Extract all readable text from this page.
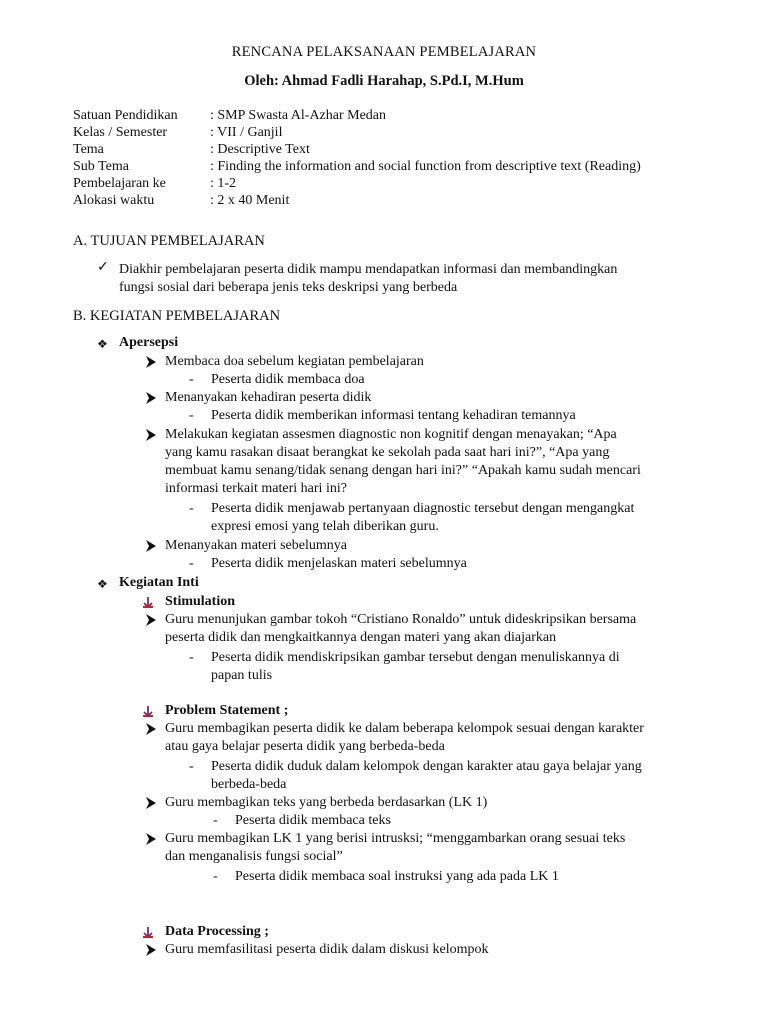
RENCANA PELAKSANAAN PEMBELAJARAN
Oleh: Ahmad Fadli Harahap, S.Pd.I, M.Hum
Satuan Pendidikan	: SMP Swasta Al-Azhar Medan
Kelas / Semester	: VII / Ganjil
Tema	: Descriptive Text
Sub Tema	: Finding the information and social function from descriptive text (Reading)
Pembelajaran ke	: 1-2
Alokasi waktu	: 2 x 40 Menit
A. TUJUAN PEMBELAJARAN
✓ Diakhir pembelajaran peserta didik mampu mendapatkan informasi dan membandingkan
fungsi sosial dari beberapa jenis teks deskripsi yang berbeda
B. KEGIATAN PEMBELAJARAN
❖ Apersepsi
Membaca doa sebelum kegiatan pembelajaran
- Peserta didik membaca doa
Menanyakan kehadiran peserta didik
- Peserta didik memberikan informasi tentang kehadiran temannya
Melakukan kegiatan assesmen diagnostic non kognitif dengan menayakan; “Apa
yang kamu rasakan disaat berangkat ke sekolah pada saat hari ini?”, “Apa yang
membuat kamu senang/tidak senang dengan hari ini?” “Apakah kamu sudah mencari
informasi terkait materi hari ini?
- Peserta didik menjawab pertanyaan diagnostic tersebut dengan mengangkat
expresi emosi yang telah diberikan guru.
Menanyakan materi sebelumnya
- Peserta didik menjelaskan materi sebelumnya
❖ Kegiatan Inti
Stimulation
Guru menunjukan gambar tokoh “Cristiano Ronaldo” untuk dideskripsikan bersama
peserta didik dan mengkaitkannya dengan materi yang akan diajarkan
- Peserta didik mendiskripsikan gambar tersebut dengan menuliskannya di
papan tulis
Problem Statement ;
Guru membagikan peserta didik ke dalam beberapa kelompok sesuai dengan karakter
atau gaya belajar peserta didik yang berbeda-beda
- Peserta didik duduk dalam kelompok dengan karakter atau gaya belajar yang
berbeda-beda
Guru membagikan teks yang berbeda berdasarkan (LK 1)
- Peserta didik membaca teks
Guru membagikan LK 1 yang berisi intrusksi; “menggambarkan orang sesuai teks
dan menganalisis fungsi social”
- Peserta didik membaca soal instruksi yang ada pada LK 1
Data Processing ;
Guru memfasilitasi peserta didik dalam diskusi kelompok
